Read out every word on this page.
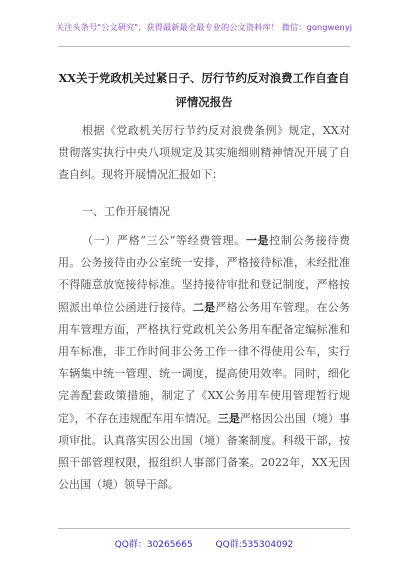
关注头条号"公文研究"，获得最新最全最专业的公文资料库！ 微信：gongwenyj
XX关于党政机关过紧日子、厉行节约反对浪费工作自查自评情况报告
根据《党政机关厉行节约反对浪费条例》规定，XX对贯彻落实执行中央八项规定及其实施细则精神情况开展了自查自纠。现将开展情况汇报如下：
一、工作开展情况
（一）严格“三公”等经费管理。一是控制公务接待费用。公务接待由办公室统一安排，严格接待标准，未经批准不得随意放宽接待标准。坚持接待审批和登记制度，严格按照派出单位公函进行接待。二是严格公务用车管理。在公务用车管理方面，严格执行党政机关公务用车配备定编标准和用车标准，非工作时间非公务工作一律不得使用公车，实行车辆集中统一管理、统一调度，提高使用效率。同时，细化完善配套政策措施，制定了《XX公务用车使用管理暂行规定》，不存在违规配车用车情况。三是严格因公出国（境）事项审批。认真落实因公出国（境）备案制度。科级干部，按照干部管理权限，报组织人事部门备案。2022年，XX无因公出国（境）领导干部。
QQ群：30265665	QQ群:535304092
